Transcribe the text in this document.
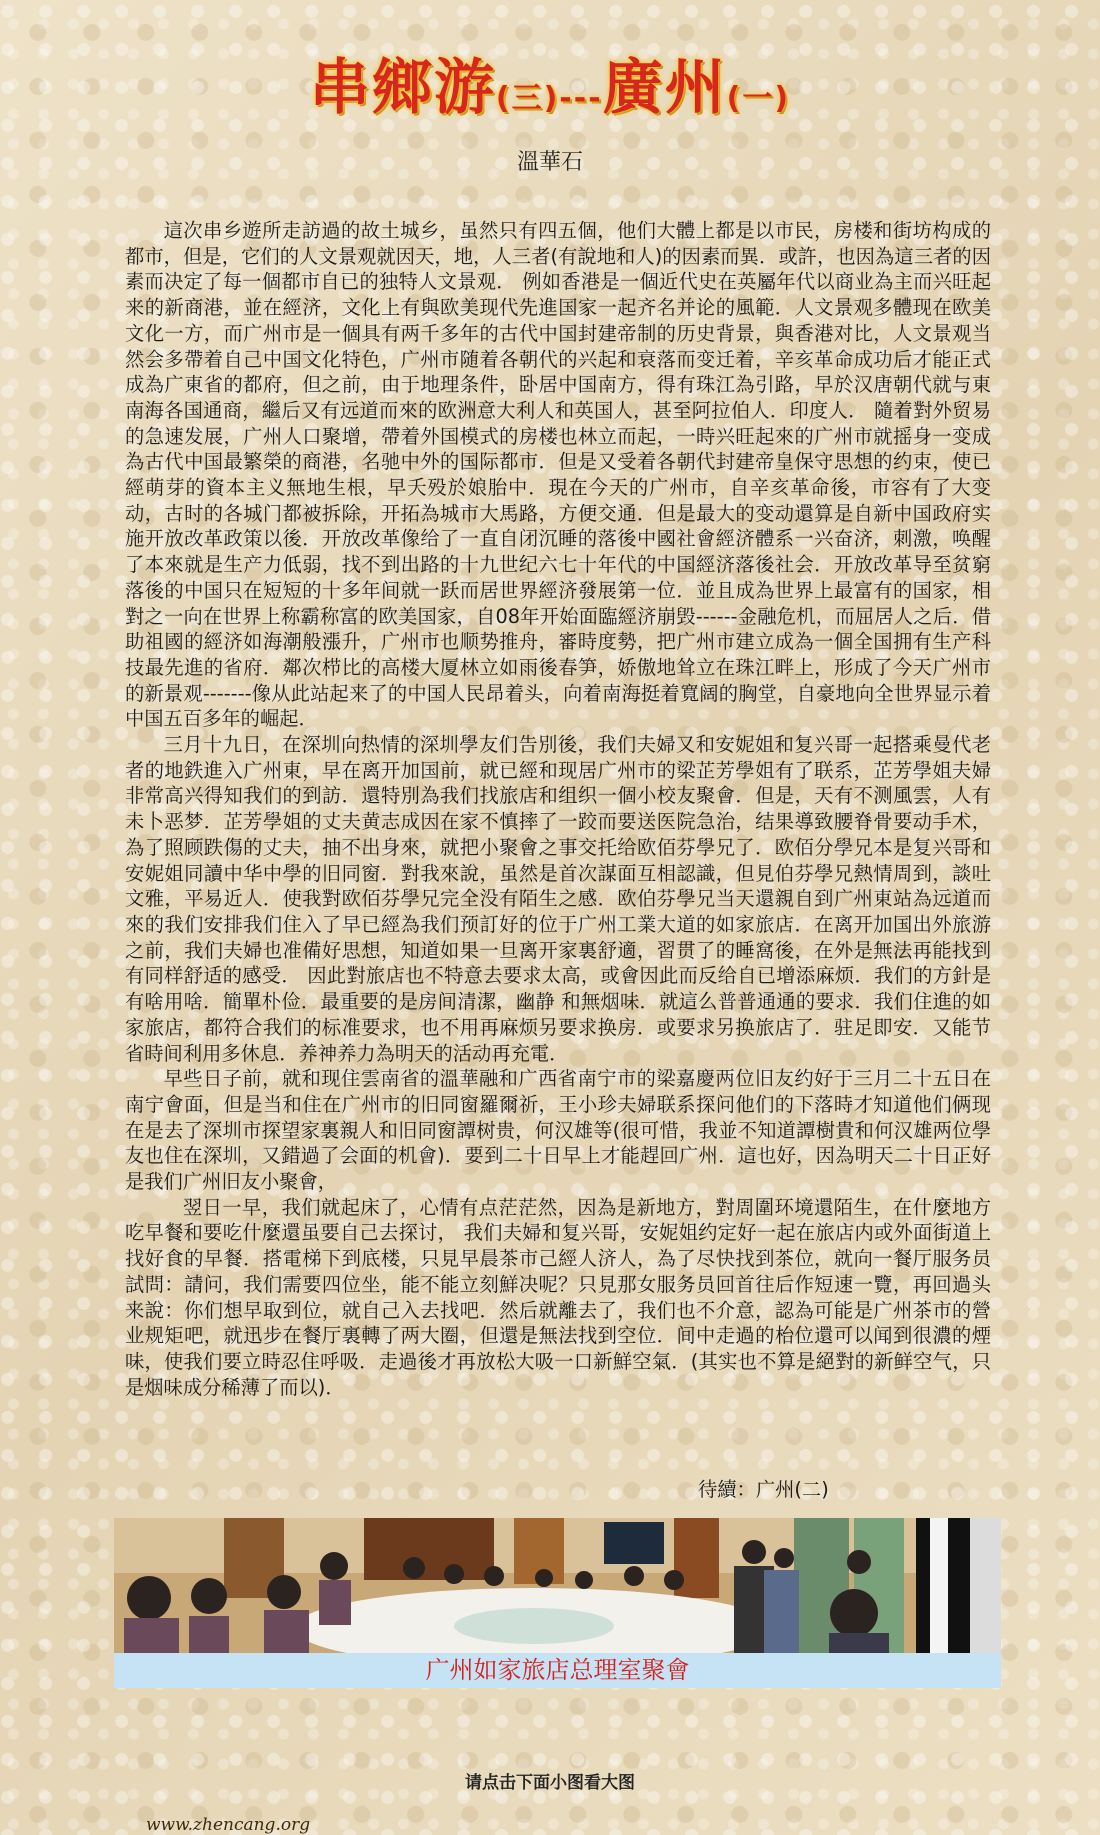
串鄉游(三)---廣州(一)
溫華石

這次串乡遊所走訪過的故土城乡，虽然只有四五個，他们大體上都是以市民，房楼和街坊构成的都市，但是，它们的人文景观就因天，地，人三者(有說地和人)的因素而異．或許，也因為這三者的因素而决定了每一個都市自已的独特人文景观． 例如香港是一個近代史在英屬年代以商业為主而兴旺起来的新商港，並在經济，文化上有與欧美现代先進国家一起齐名并论的風範．人文景观多體现在欧美文化一方，而广州市是一個具有两千多年的古代中国封建帝制的历史背景，與香港对比，人文景观当然会多帶着自己中国文化特色，广州市随着各朝代的兴起和衰落而变迁着，辛亥革命成功后才能正式成為广東省的都府，但之前，由于地理条件，卧居中国南方，得有珠江為引路，早於汉唐朝代就与東南海各国通商，繼后又有远道而來的欧洲意大利人和英国人，甚至阿拉伯人．印度人． 隨着對外贸易的急速发展，广州人口聚增，帶着外国模式的房楼也林立而起，一時兴旺起來的广州市就摇身一变成為古代中国最繁榮的商港，名驰中外的国际都市．但是又受着各朝代封建帝皇保守思想的约束，使已經萌芽的資本主义無地生根，早夭殁於娘胎中．現在今天的广州市，自辛亥革命後，市容有了大变动，古时的各城门都被拆除，开拓為城市大馬路，方便交通．但是最大的变动還算是自新中国政府实施开放改革政策以後．开放改革像给了一直自闭沉睡的落後中國社會經济體系一兴奋济，刺激，唤醒了本來就是生产力低弱，找不到出路的十九世纪六七十年代的中国經济落後社会．开放改革导至贫窮落後的中国只在短短的十多年间就一跃而居世界經济發展第一位．並且成為世界上最富有的国家，相對之一向在世界上称霸称富的欧美国家，自08年开始面臨經济崩毁------金融危机，而屈居人之后．借助祖國的經济如海潮般漲升，广州市也顺势推舟，審時度勢，把广州市建立成為一個全国拥有生产科技最先進的省府．鄰次栉比的高楼大厦林立如雨後春笋，娇傲地耸立在珠江畔上，形成了今天广州市的新景观-------像从此站起来了的中国人民昂着头，向着南海挺着寬阔的胸堂，自豪地向全世界显示着中国五百多年的崛起．

三月十九日，在深圳向热情的深圳學友们告別後，我们夫婦又和安妮姐和复兴哥一起搭乘曼代老者的地鉄進入广州東，早在离开加国前，就已經和现居广州市的梁芷芳學姐有了联系，芷芳學姐夫婦非常高兴得知我们的到訪．還特別為我们找旅店和组织一個小校友聚會．但是，天有不测風雲，人有未卜恶梦．芷芳學姐的丈夫黄志成因在家不慎摔了一跤而要送医院急治，结果導致腰脊骨要动手术，為了照顾跌傷的丈夫，抽不出身來，就把小聚會之事交托给欧佰芬學兄了．欧佰分學兄本是复兴哥和安妮姐同讀中华中學的旧同窗．對我來說，虽然是首次謀面互相認識，但見伯芬學兄熱情周到，談吐文雅，平易近人．使我對欧佰芬學兄完全没有陌生之感．欧伯芬學兄当天還親自到广州東站為远道而來的我们安排我们住入了早已經為我们预訂好的位于广州工業大道的如家旅店．在离开加国出外旅游之前，我们夫婦也准備好思想，知道如果一旦离开家裏舒適，習贯了的睡窩後，在外是無法再能找到有同样舒适的感受． 因此對旅店也不特意去要求太高，或會因此而反给自已增添麻烦．我们的方針是有啥用啥．簡單朴俭．最重要的是房间清潔，幽静 和無烟味．就這么普普通通的要求．我们住進的如家旅店，都符合我们的标准要求，也不用再麻烦另要求换房．或要求另换旅店了．驻足即安．又能节省時间利用多休息．养神养力為明天的活动再充電．

早些日子前，就和现住雲南省的溫華融和广西省南宁市的梁嘉慶两位旧友约好于三月二十五日在南宁會面，但是当和住在广州市的旧同窗羅爾祈，王小珍夫婦联系探问他们的下落時才知道他们俩现在是去了深圳市探望家裏親人和旧同窗譚树贵，何汉雄等(很可惜，我並不知道譚樹貴和何汉雄两位學友也住在深圳，又錯過了会面的机會)．要到二十日早上才能趕回广州．這也好，因為明天二十日正好是我们广州旧友小聚會，

翌日一早，我们就起床了，心情有点茫茫然，因為是新地方，對周圍环境還陌生，在什麼地方吃早餐和要吃什麼還虽要自己去探讨， 我们夫婦和复兴哥，安妮姐约定好一起在旅店内或外面街道上找好食的早餐．搭電梯下到底楼，只見早晨茶市己經人济人，為了尽快找到茶位，就向一餐厅服务员試問：請问，我们需要四位坐，能不能立刻鮮决呢？只見那女服务员回首往后作短速一覽，再回過头来說：你们想早取到位，就自己入去找吧．然后就離去了，我们也不介意，認為可能是广州茶市的營业规矩吧，就迅步在餐厅裏轉了两大圈，但還是無法找到空位．间中走過的枱位還可以闻到很濃的煙味，使我们要立時忍住呼吸．走過後才再放松大吸一口新鮮空氣．(其实也不算是絕對的新鲜空气，只是烟味成分稀薄了而以)．

待續：广州(二)
广州如家旅店总理室聚會
请点击下面小图看大图
www.zhencang.org
